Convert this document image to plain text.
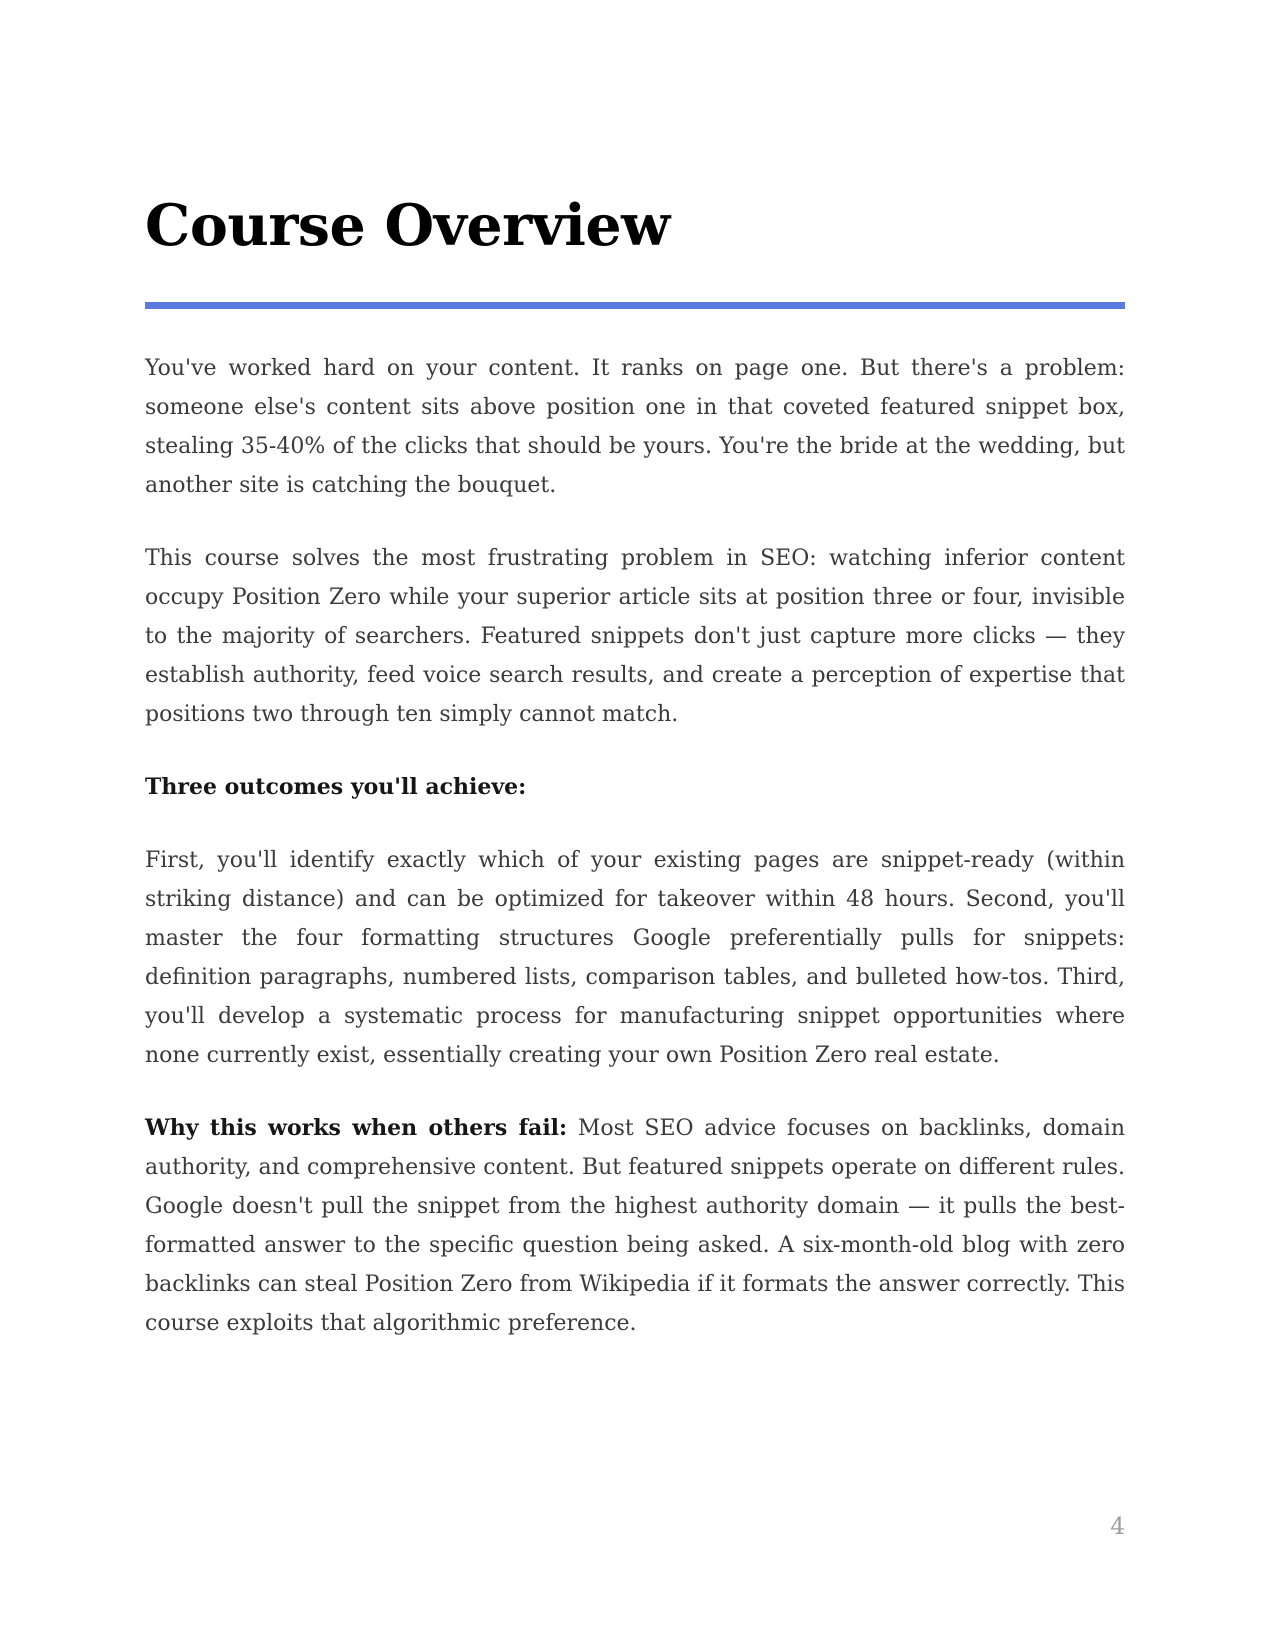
Course Overview

You've worked hard on your content. It ranks on page one. But there's a problem: someone else's content sits above position one in that coveted featured snippet box, stealing 35-40% of the clicks that should be yours. You're the bride at the wedding, but another site is catching the bouquet.

This course solves the most frustrating problem in SEO: watching inferior content occupy Position Zero while your superior article sits at position three or four, invisible to the majority of searchers. Featured snippets don't just capture more clicks — they establish authority, feed voice search results, and create a perception of expertise that positions two through ten simply cannot match.

Three outcomes you'll achieve:

First, you'll identify exactly which of your existing pages are snippet-ready (within striking distance) and can be optimized for takeover within 48 hours. Second, you'll master the four formatting structures Google preferentially pulls for snippets: definition paragraphs, numbered lists, comparison tables, and bulleted how-tos. Third, you'll develop a systematic process for manufacturing snippet opportunities where none currently exist, essentially creating your own Position Zero real estate.

Why this works when others fail: Most SEO advice focuses on backlinks, domain authority, and comprehensive content. But featured snippets operate on different rules. Google doesn't pull the snippet from the highest authority domain — it pulls the best-formatted answer to the specific question being asked. A six-month-old blog with zero backlinks can steal Position Zero from Wikipedia if it formats the answer correctly. This course exploits that algorithmic preference.

4
